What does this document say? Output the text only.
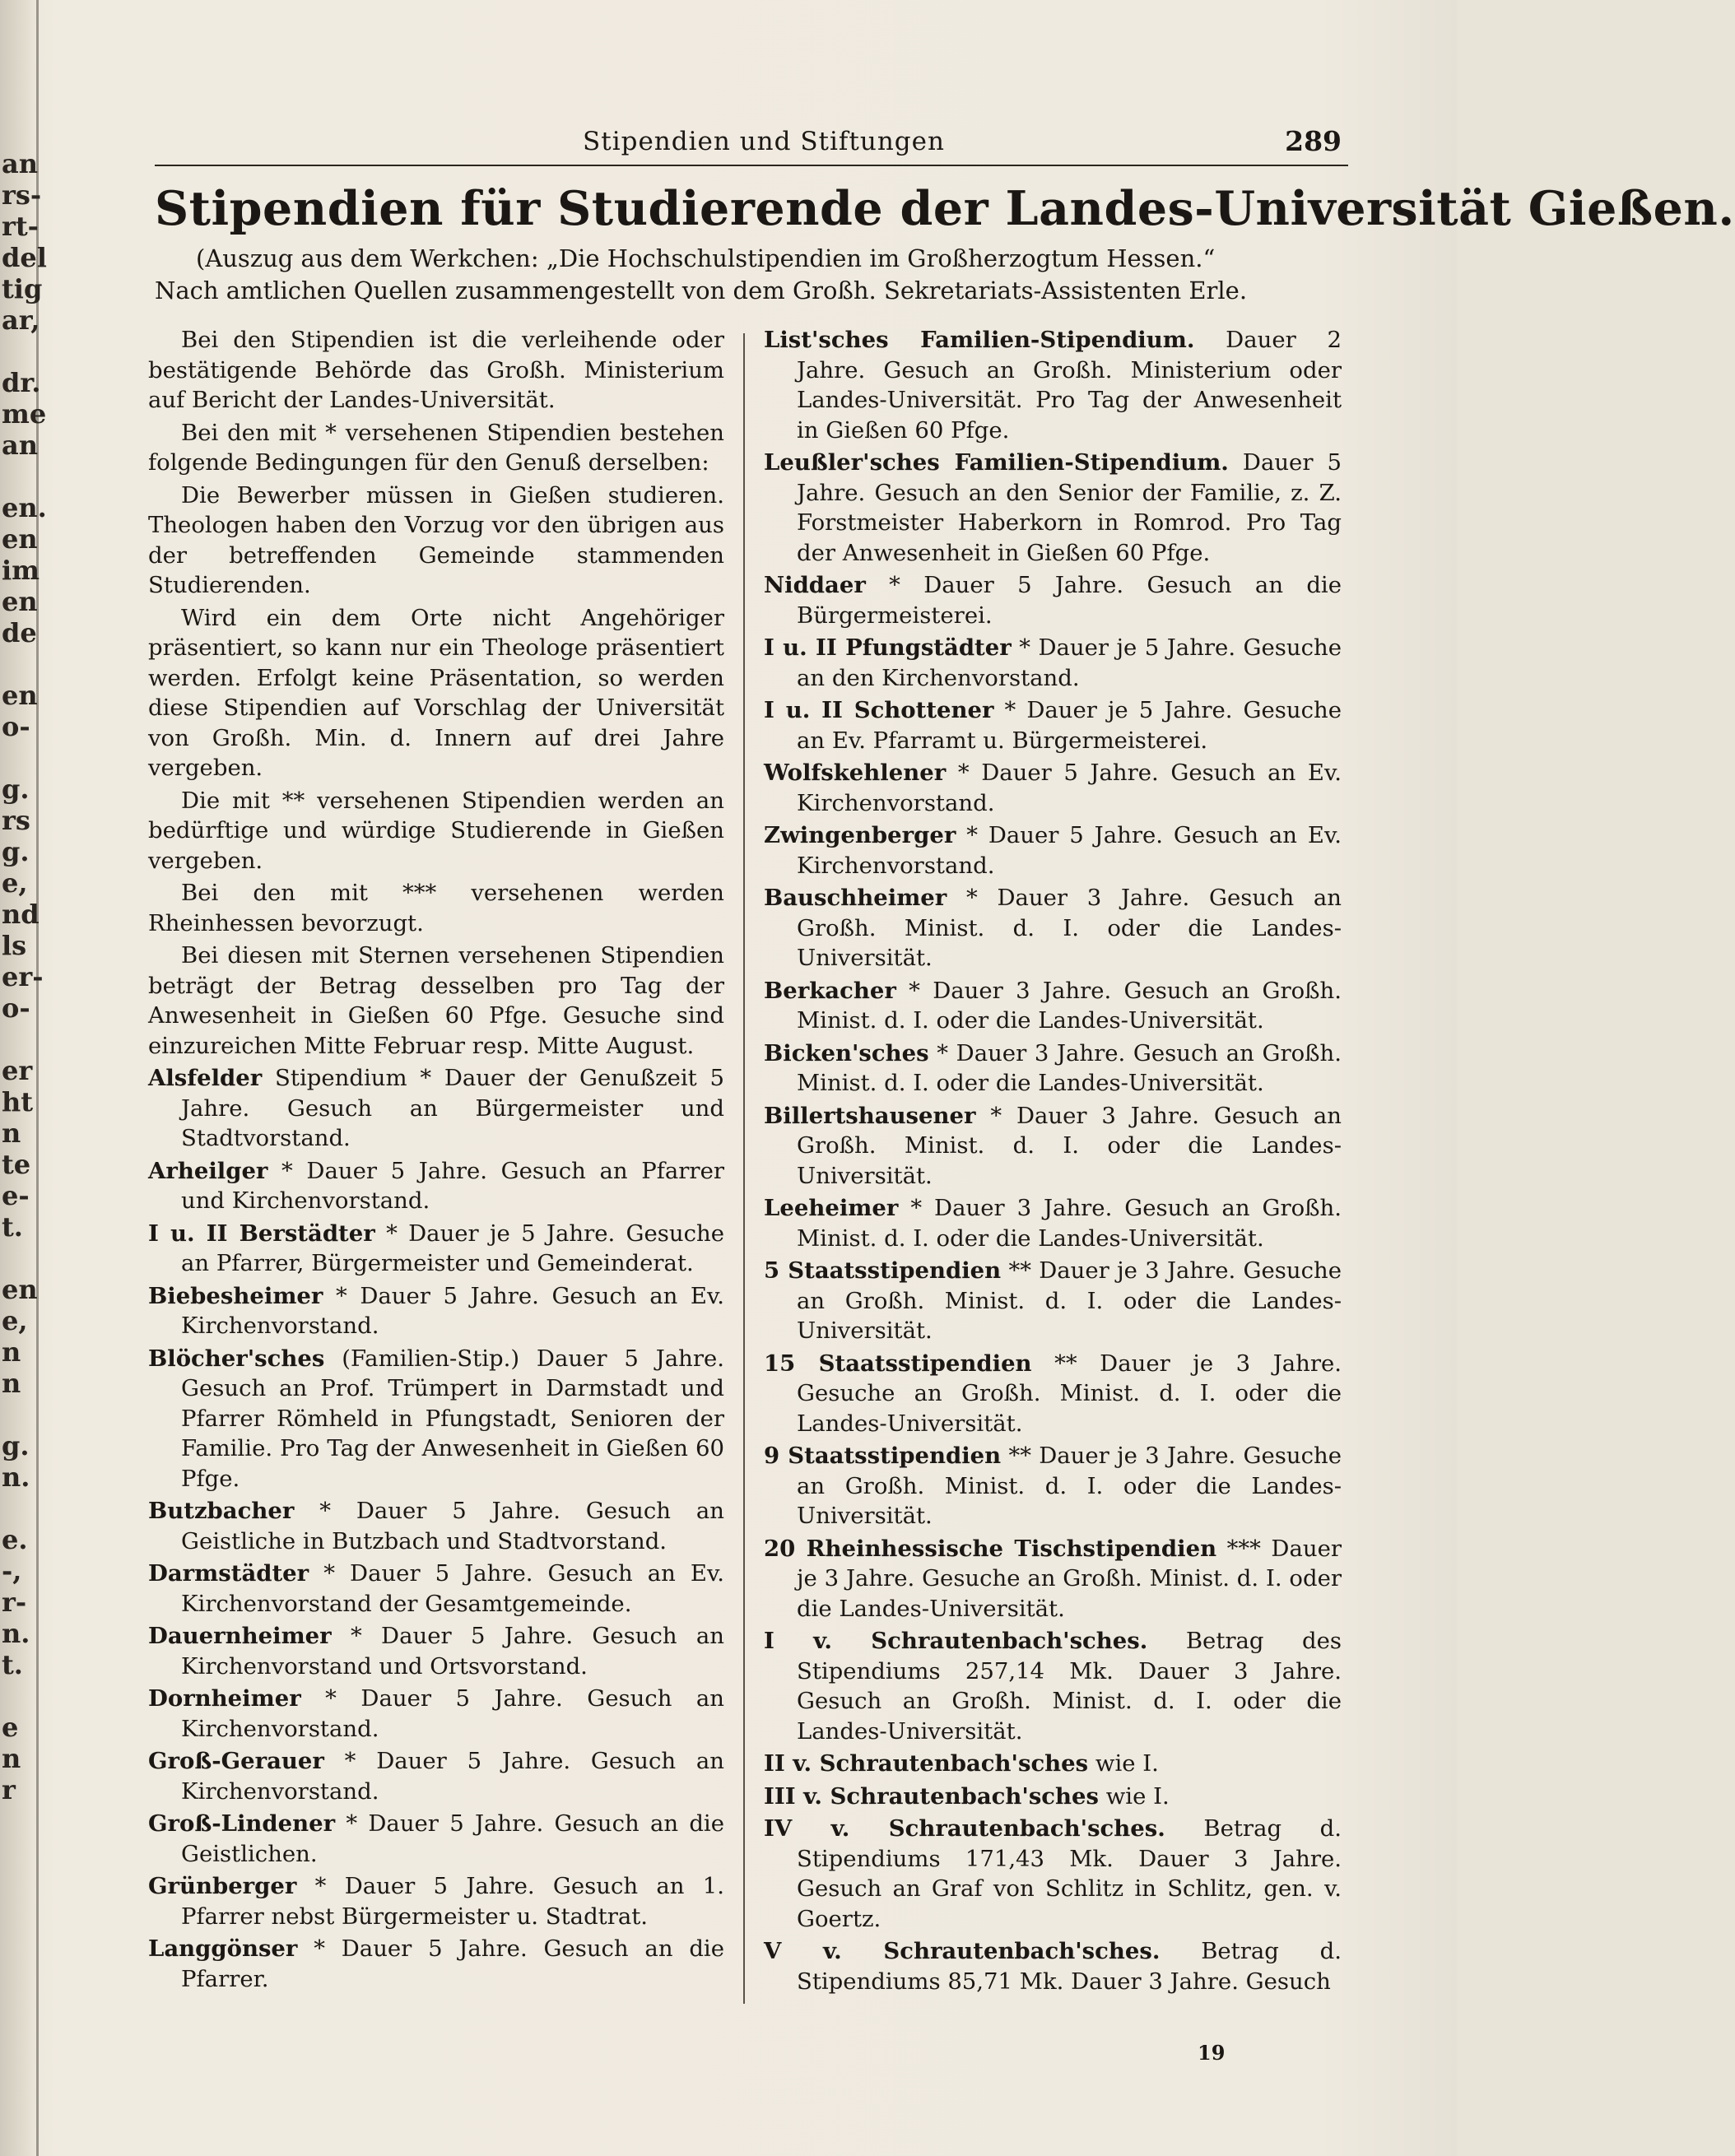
an
rs-
rt-
del
tig
ar,
dr.
me
an
en.
en
im
en
de
en
o-
g.
rs
g.
e,
nd
ls
er-
o-
er
ht
n
te
e-
t.
en
e,
n
n
g.
n.
e.
-,
r-
n.
t.
e
n
r
Stipendien und Stiftungen	289
Stipendien für Studierende der Landes-Universität Gießen.
(Auszug aus dem Werkchen: „Die Hochschulstipendien im Großherzogtum Hessen.“
Nach amtlichen Quellen zusammengestellt von dem Großh. Sekretariats-Assistenten Erle.

Bei den Stipendien ist die verleihende oder bestätigende Behörde das Großh. Ministerium auf Bericht der Landes-Universität.

Bei den mit * versehenen Stipendien bestehen folgende Bedingungen für den Genuß derselben:

Die Bewerber müssen in Gießen studieren. Theologen haben den Vorzug vor den übrigen aus der betreffenden Gemeinde stammenden Studierenden.

Wird ein dem Orte nicht Angehöriger präsentiert, so kann nur ein Theologe präsentiert werden. Erfolgt keine Präsentation, so werden diese Stipendien auf Vorschlag der Universität von Großh. Min. d. Innern auf drei Jahre vergeben.

Die mit ** versehenen Stipendien werden an bedürftige und würdige Studierende in Gießen vergeben.

Bei den mit *** versehenen werden Rheinhessen bevorzugt.

Bei diesen mit Sternen versehenen Stipendien beträgt der Betrag desselben pro Tag der Anwesenheit in Gießen 60 Pfge. Gesuche sind einzureichen Mitte Februar resp. Mitte August.

Alsfelder Stipendium * Dauer der Genußzeit 5 Jahre. Gesuch an Bürgermeister und Stadtvorstand.
Arheilger * Dauer 5 Jahre. Gesuch an Pfarrer und Kirchenvorstand.
I u. II Berstädter * Dauer je 5 Jahre. Gesuche an Pfarrer, Bürgermeister und Gemeinderat.
Biebesheimer * Dauer 5 Jahre. Gesuch an Ev. Kirchenvorstand.
Blöcher'sches (Familien-Stip.) Dauer 5 Jahre. Gesuch an Prof. Trümpert in Darmstadt und Pfarrer Römheld in Pfungstadt, Senioren der Familie. Pro Tag der Anwesenheit in Gießen 60 Pfge.
Butzbacher * Dauer 5 Jahre. Gesuch an Geistliche in Butzbach und Stadtvorstand.
Darmstädter * Dauer 5 Jahre. Gesuch an Ev. Kirchenvorstand der Gesamtgemeinde.
Dauernheimer * Dauer 5 Jahre. Gesuch an Kirchenvorstand und Ortsvorstand.
Dornheimer * Dauer 5 Jahre. Gesuch an Kirchenvorstand.
Groß-Gerauer * Dauer 5 Jahre. Gesuch an Kirchenvorstand.
Groß-Lindener * Dauer 5 Jahre. Gesuch an die Geistlichen.
Grünberger * Dauer 5 Jahre. Gesuch an 1. Pfarrer nebst Bürgermeister u. Stadtrat.
Langgönser * Dauer 5 Jahre. Gesuch an die Pfarrer.
List'sches Familien-Stipendium. Dauer 2 Jahre. Gesuch an Großh. Ministerium oder Landes-Universität. Pro Tag der Anwesenheit in Gießen 60 Pfge.
Leußler'sches Familien-Stipendium. Dauer 5 Jahre. Gesuch an den Senior der Familie, z. Z. Forstmeister Haberkorn in Romrod. Pro Tag der Anwesenheit in Gießen 60 Pfge.
Niddaer * Dauer 5 Jahre. Gesuch an die Bürgermeisterei.
I u. II Pfungstädter * Dauer je 5 Jahre. Gesuche an den Kirchenvorstand.
I u. II Schottener * Dauer je 5 Jahre. Gesuche an Ev. Pfarramt u. Bürgermeisterei.
Wolfskehlener * Dauer 5 Jahre. Gesuch an Ev. Kirchenvorstand.
Zwingenberger * Dauer 5 Jahre. Gesuch an Ev. Kirchenvorstand.
Bauschheimer * Dauer 3 Jahre. Gesuch an Großh. Minist. d. I. oder die Landes-Universität.
Berkacher * Dauer 3 Jahre. Gesuch an Großh. Minist. d. I. oder die Landes-Universität.
Bicken'sches * Dauer 3 Jahre. Gesuch an Großh. Minist. d. I. oder die Landes-Universität.
Billertshausener * Dauer 3 Jahre. Gesuch an Großh. Minist. d. I. oder die Landes-Universität.
Leeheimer * Dauer 3 Jahre. Gesuch an Großh. Minist. d. I. oder die Landes-Universität.
5 Staatsstipendien ** Dauer je 3 Jahre. Gesuche an Großh. Minist. d. I. oder die Landes-Universität.
15 Staatsstipendien ** Dauer je 3 Jahre. Gesuche an Großh. Minist. d. I. oder die Landes-Universität.
9 Staatsstipendien ** Dauer je 3 Jahre. Gesuche an Großh. Minist. d. I. oder die Landes-Universität.
20 Rheinhessische Tischstipendien *** Dauer je 3 Jahre. Gesuche an Großh. Minist. d. I. oder die Landes-Universität.
I v. Schrautenbach'sches. Betrag des Stipendiums 257,14 Mk. Dauer 3 Jahre. Gesuch an Großh. Minist. d. I. oder die Landes-Universität.
II v. Schrautenbach'sches wie I.
III v. Schrautenbach'sches wie I.
IV v. Schrautenbach'sches. Betrag d. Stipendiums 171,43 Mk. Dauer 3 Jahre. Gesuch an Graf von Schlitz in Schlitz, gen. v. Goertz.
V v. Schrautenbach'sches. Betrag d. Stipendiums 85,71 Mk. Dauer 3 Jahre. Gesuch
19
